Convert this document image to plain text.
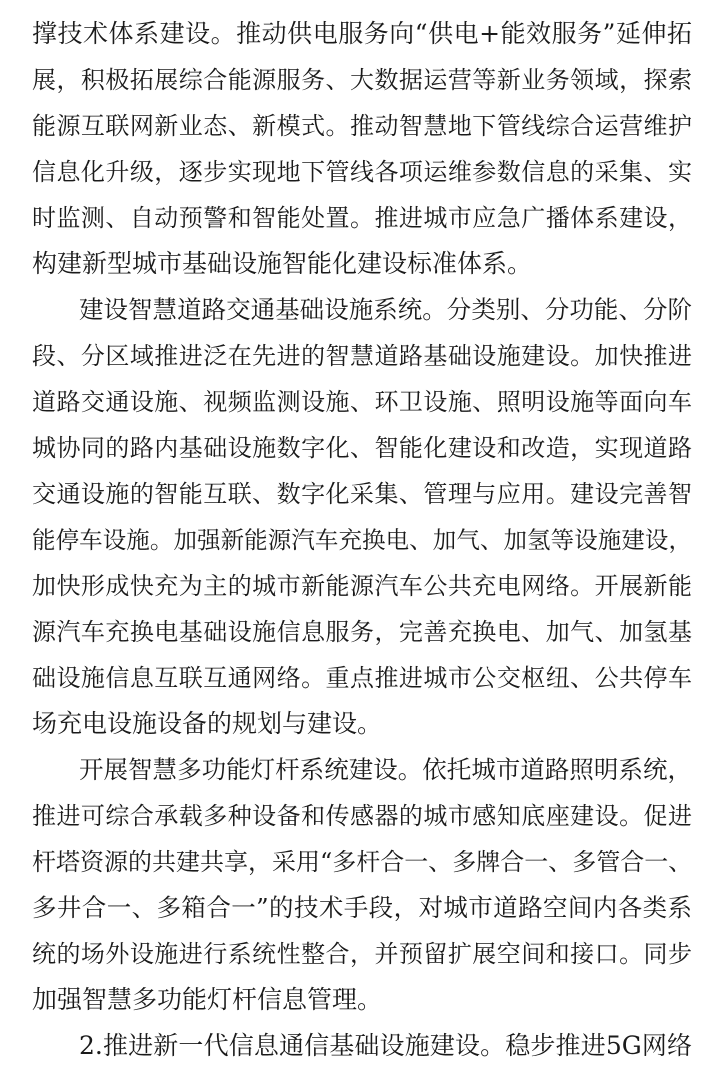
撑技术体系建设。推动供电服务向“供电+能效服务”延伸拓
展，积极拓展综合能源服务、大数据运营等新业务领域，探索
能源互联网新业态、新模式。推动智慧地下管线综合运营维护
信息化升级，逐步实现地下管线各项运维参数信息的采集、实
时监测、自动预警和智能处置。推进城市应急广播体系建设，
构建新型城市基础设施智能化建设标准体系。
建设智慧道路交通基础设施系统。分类别、分功能、分阶
段、分区域推进泛在先进的智慧道路基础设施建设。加快推进
道路交通设施、视频监测设施、环卫设施、照明设施等面向车
城协同的路内基础设施数字化、智能化建设和改造，实现道路
交通设施的智能互联、数字化采集、管理与应用。建设完善智
能停车设施。加强新能源汽车充换电、加气、加氢等设施建设，
加快形成快充为主的城市新能源汽车公共充电网络。开展新能
源汽车充换电基础设施信息服务，完善充换电、加气、加氢基
础设施信息互联互通网络。重点推进城市公交枢纽、公共停车
场充电设施设备的规划与建设。
开展智慧多功能灯杆系统建设。依托城市道路照明系统，
推进可综合承载多种设备和传感器的城市感知底座建设。促进
杆塔资源的共建共享，采用“多杆合一、多牌合一、多管合一、
多井合一、多箱合一”的技术手段，对城市道路空间内各类系
统的场外设施进行系统性整合，并预留扩展空间和接口。同步
加强智慧多功能灯杆信息管理。
2.推进新一代信息通信基础设施建设。稳步推进5G网络
